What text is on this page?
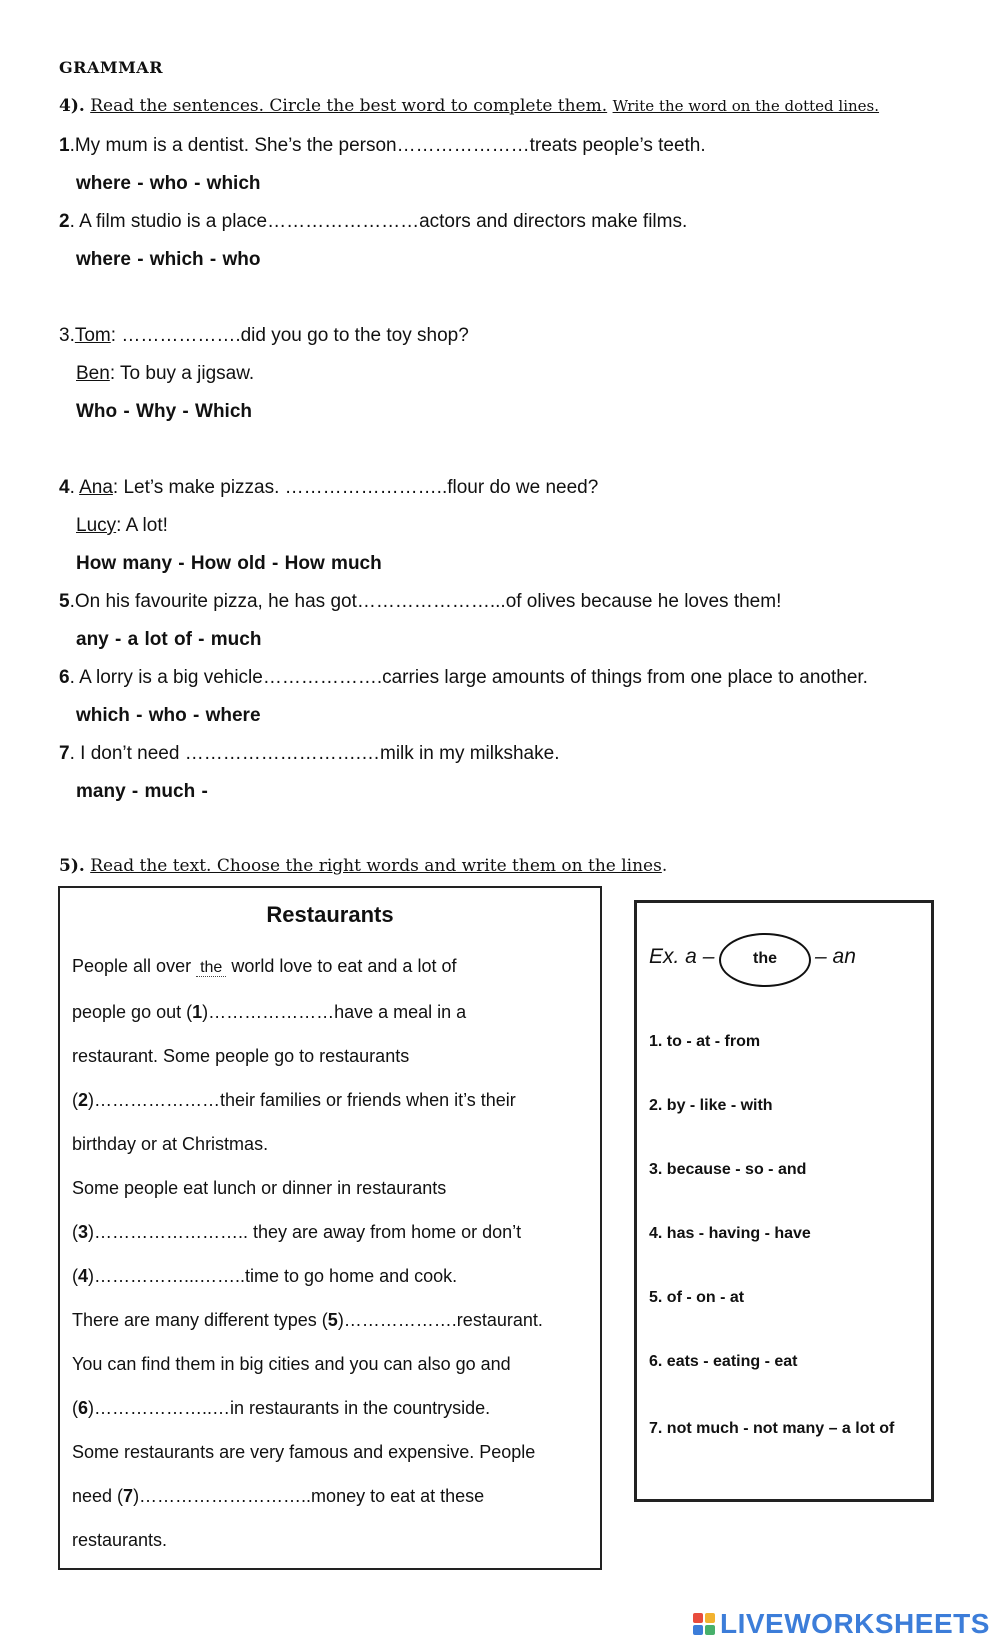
GRAMMAR
4). Read the sentences. Circle the best word to complete them. Write the word on the dotted lines.
1.My mum is a dentist. She’s the person…………………treats people’s teeth.
where - who - which
2. A film studio is a place……………………actors and directors make films.
where - which - who
3.Tom: ……………….did you go to the toy shop?
Ben: To buy a jigsaw.
Who - Why - Which
4. Ana: Let’s make pizzas. ……………………..flour do we need?
Lucy: A lot!
How many - How old - How much
5.On his favourite pizza, he has got…………………...of olives because he loves them!
any - a lot of - much
6. A lorry is a big vehicle……………….carries large amounts of things from one place to another.
which - who - where
7. I don’t need ……………………….…milk in my milkshake.
many - much -
5). Read the text. Choose the right words and write them on the lines.
Restaurants
People all over the world love to eat and a lot of
people go out (1)…………………have a meal in a
restaurant. Some people go to restaurants
(2)…………………their families or friends when it’s their
birthday or at Christmas.
Some people eat lunch or dinner in restaurants
(3)…………………….. they are away from home or don’t
(4)……………...……..time to go home and cook.
There are many different types (5)……………….restaurant.
You can find them in big cities and you can also go and
(6)………………..…in restaurants in the countryside.
Some restaurants are very famous and expensive. People
need (7)………………………..money to eat at these
restaurants.
Ex. a –	the	– an
1. to - at - from
2. by - like - with
3. because - so - and
4. has - having - have
5. of - on - at
6. eats - eating - eat
7. not much - not many – a lot of
LIVEWORKSHEETS
